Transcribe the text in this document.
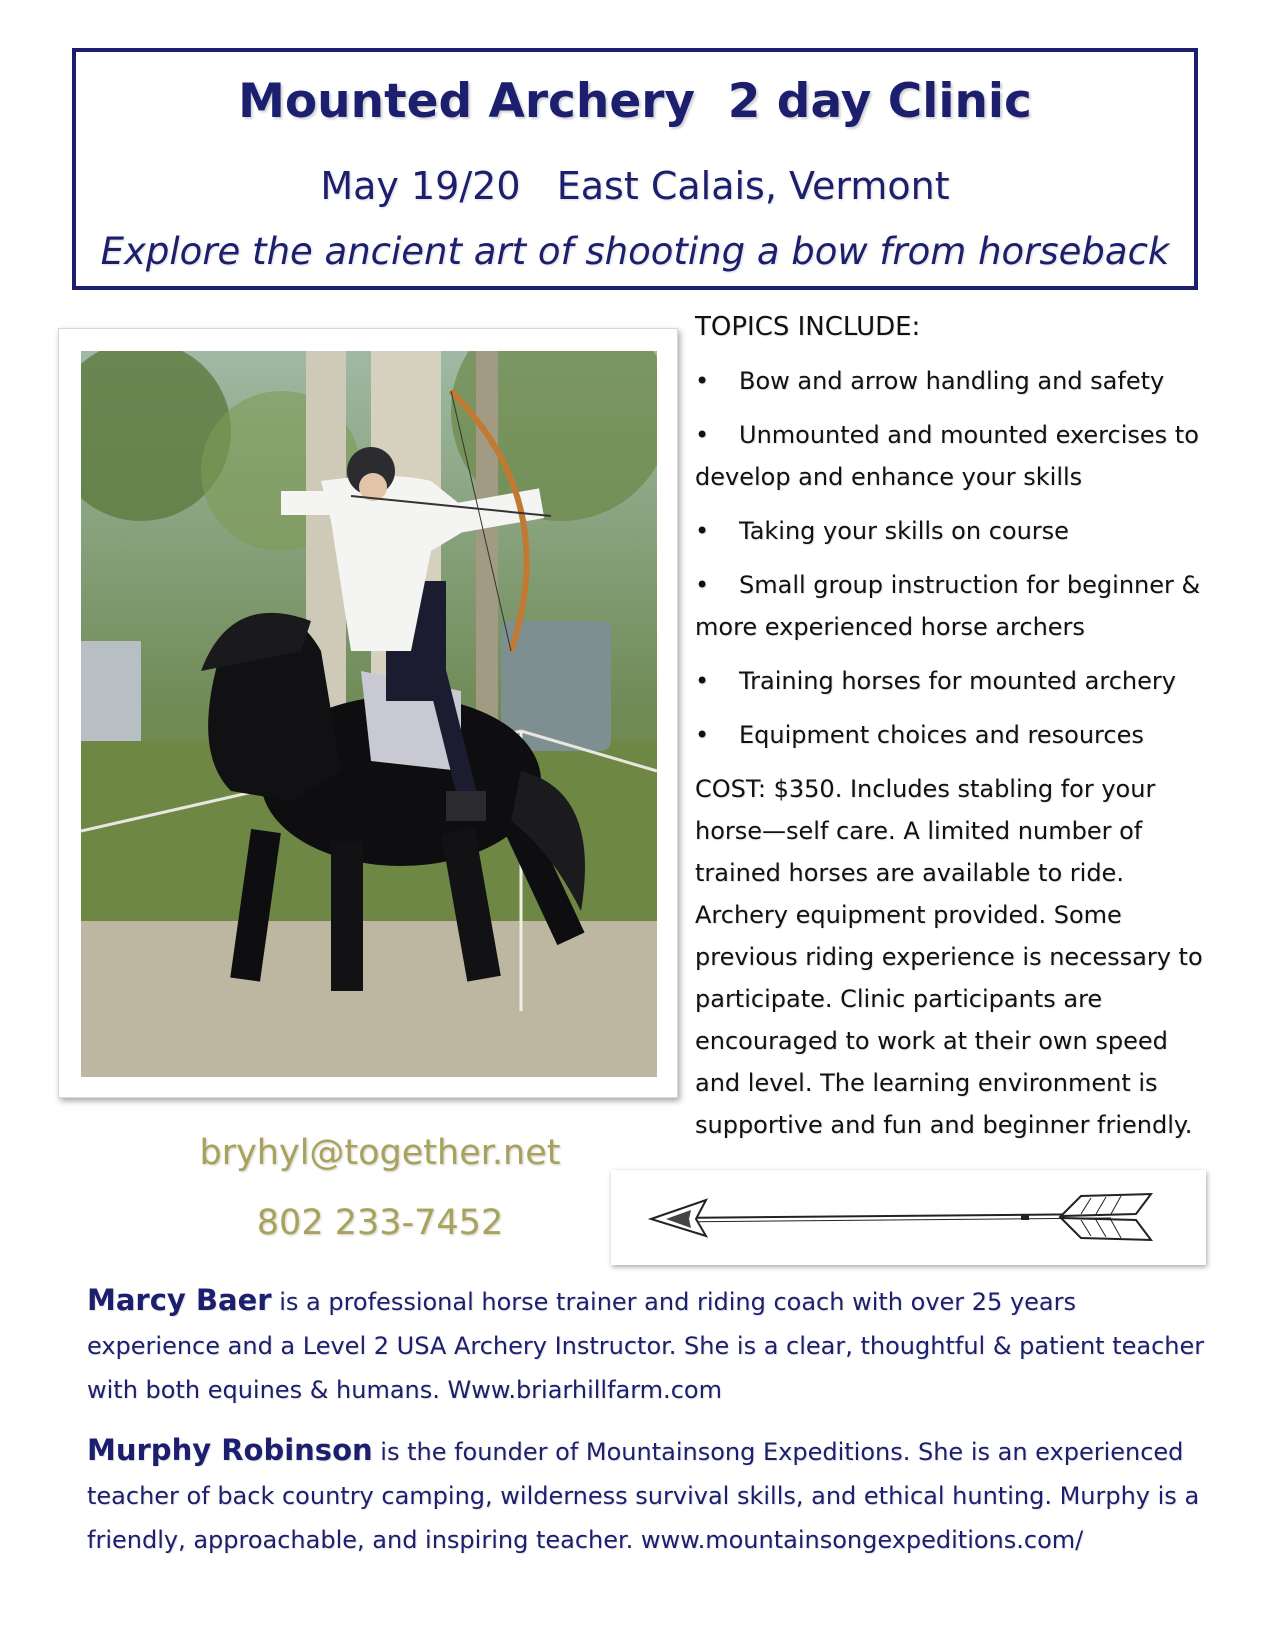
Mounted Archery  2 day Clinic
May 19/20   East Calais, Vermont
Explore the ancient art of shooting a bow from horseback
TOPICS INCLUDE:
• Bow and arrow handling and safety
• Unmounted and mounted exercises to develop and enhance your skills
• Taking your skills on course
• Small group instruction for beginner & more experienced horse archers
• Training horses for mounted archery
• Equipment choices and resources

COST: $350. Includes stabling for your horse—self care. A limited number of trained horses are available to ride. Archery equipment provided. Some previous riding experience is necessary to participate. Clinic participants are encouraged to work at their own speed and level. The learning environment is supportive and fun and beginner friendly.

bryhyl@together.net
802 233-7452

Marcy Baer is a professional horse trainer and riding coach with over 25 years experience and a Level 2 USA Archery Instructor. She is a clear, thoughtful & patient teacher with both equines & humans. Www.briarhillfarm.com

Murphy Robinson is the founder of Mountainsong Expeditions. She is an experienced teacher of back country camping, wilderness survival skills, and ethical hunting. Murphy is a friendly, approachable, and inspiring teacher. www.mountainsongexpeditions.com/
